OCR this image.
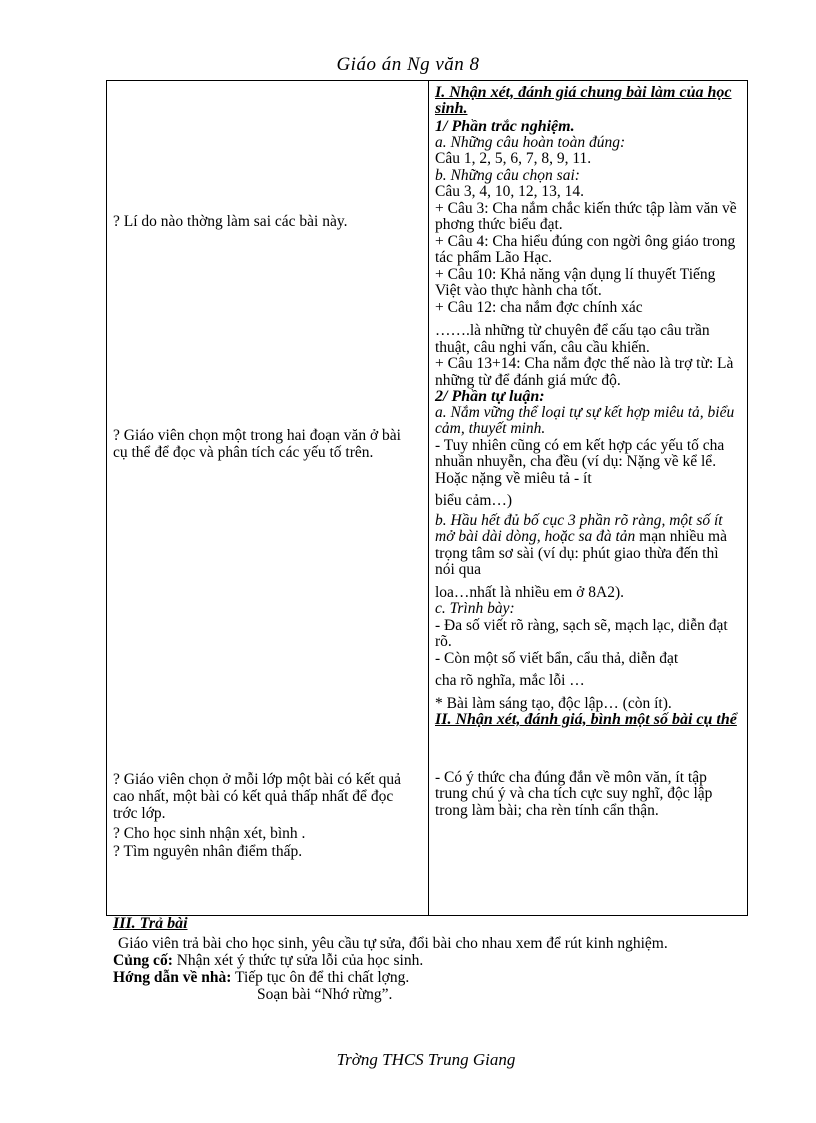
Giáo án Ng văn 8
? Lí do nào thờng làm sai các bài này.
? Giáo viên chọn một trong hai đoạn văn ở bài cụ thể để đọc và phân tích các yếu tố trên.
? Giáo viên chọn ở mỗi lớp một bài có kết quả cao nhất, một bài có kết quả thấp nhất để đọc trớc lớp.
? Cho học sinh nhận xét, bình .
? Tìm nguyên nhân điểm thấp.

I. Nhận xét, đánh giá chung bài làm của học sinh.

1/ Phần trắc nghiệm.

a. Những câu hoàn toàn đúng:

Câu 1, 2, 5, 6, 7, 8, 9, 11.

b. Những câu chọn sai:

Câu 3, 4, 10, 12, 13, 14.

+ Câu 3: Cha nắm chắc kiến thức tập làm văn về phơng thức biểu đạt.

+ Câu 4: Cha hiểu đúng con ngời ông giáo trong tác phẩm Lão Hạc.

+ Câu 10: Khả năng vận dụng lí thuyết Tiếng Việt vào thực hành cha tốt.

+ Câu 12: cha nắm đợc chính xác

…….là những từ chuyên để cấu tạo câu trần thuật, câu nghi vấn, câu cầu khiến.

+ Câu 13+14: Cha nắm đợc thế nào là trợ từ: Là những từ để đánh giá mức độ.

2/ Phần tự luận:

a. Nắm vững thể loại tự sự kết hợp miêu tả, biểu cảm, thuyết minh.

- Tuy nhiên cũng có em kết hợp các yếu tố cha nhuần nhuyễn, cha đều (ví dụ: Nặng về kể lể. Hoặc nặng về miêu tả - ít

biểu cảm…)

b. Hầu hết đủ bố cục 3 phần rõ ràng, một số ít mở bài dài dòng, hoặc sa đà tản mạn nhiều mà trọng tâm sơ sài (ví dụ: phút giao thừa đến thì nói qua

loa…nhất là nhiều em ở 8A2).

c. Trình bày:

- Đa số viết rõ ràng, sạch sẽ, mạch lạc, diễn đạt rõ.

- Còn một số viết bẩn, cẩu thả, diễn đạt

cha rõ nghĩa, mắc lỗi …

* Bài làm sáng tạo, độc lập… (còn ít).

II. Nhận xét, đánh giá, bình một số bài cụ thể

- Có ý thức cha đúng đắn về môn văn, ít tập trung chú ý và cha tích cực suy nghĩ, độc lập trong làm bài; cha rèn tính cẩn thận.

III. Trả bài

Giáo viên trả bài cho học sinh, yêu cầu tự sửa, đổi bài cho nhau xem để rút kinh nghiệm.

Củng cố: Nhận xét ý thức tự sửa lỗi của học sinh.

Hớng dẫn về nhà: Tiếp tục ôn để thi chất lợng.

Soạn bài “Nhớ rừng”.

Trờng THCS Trung Giang
